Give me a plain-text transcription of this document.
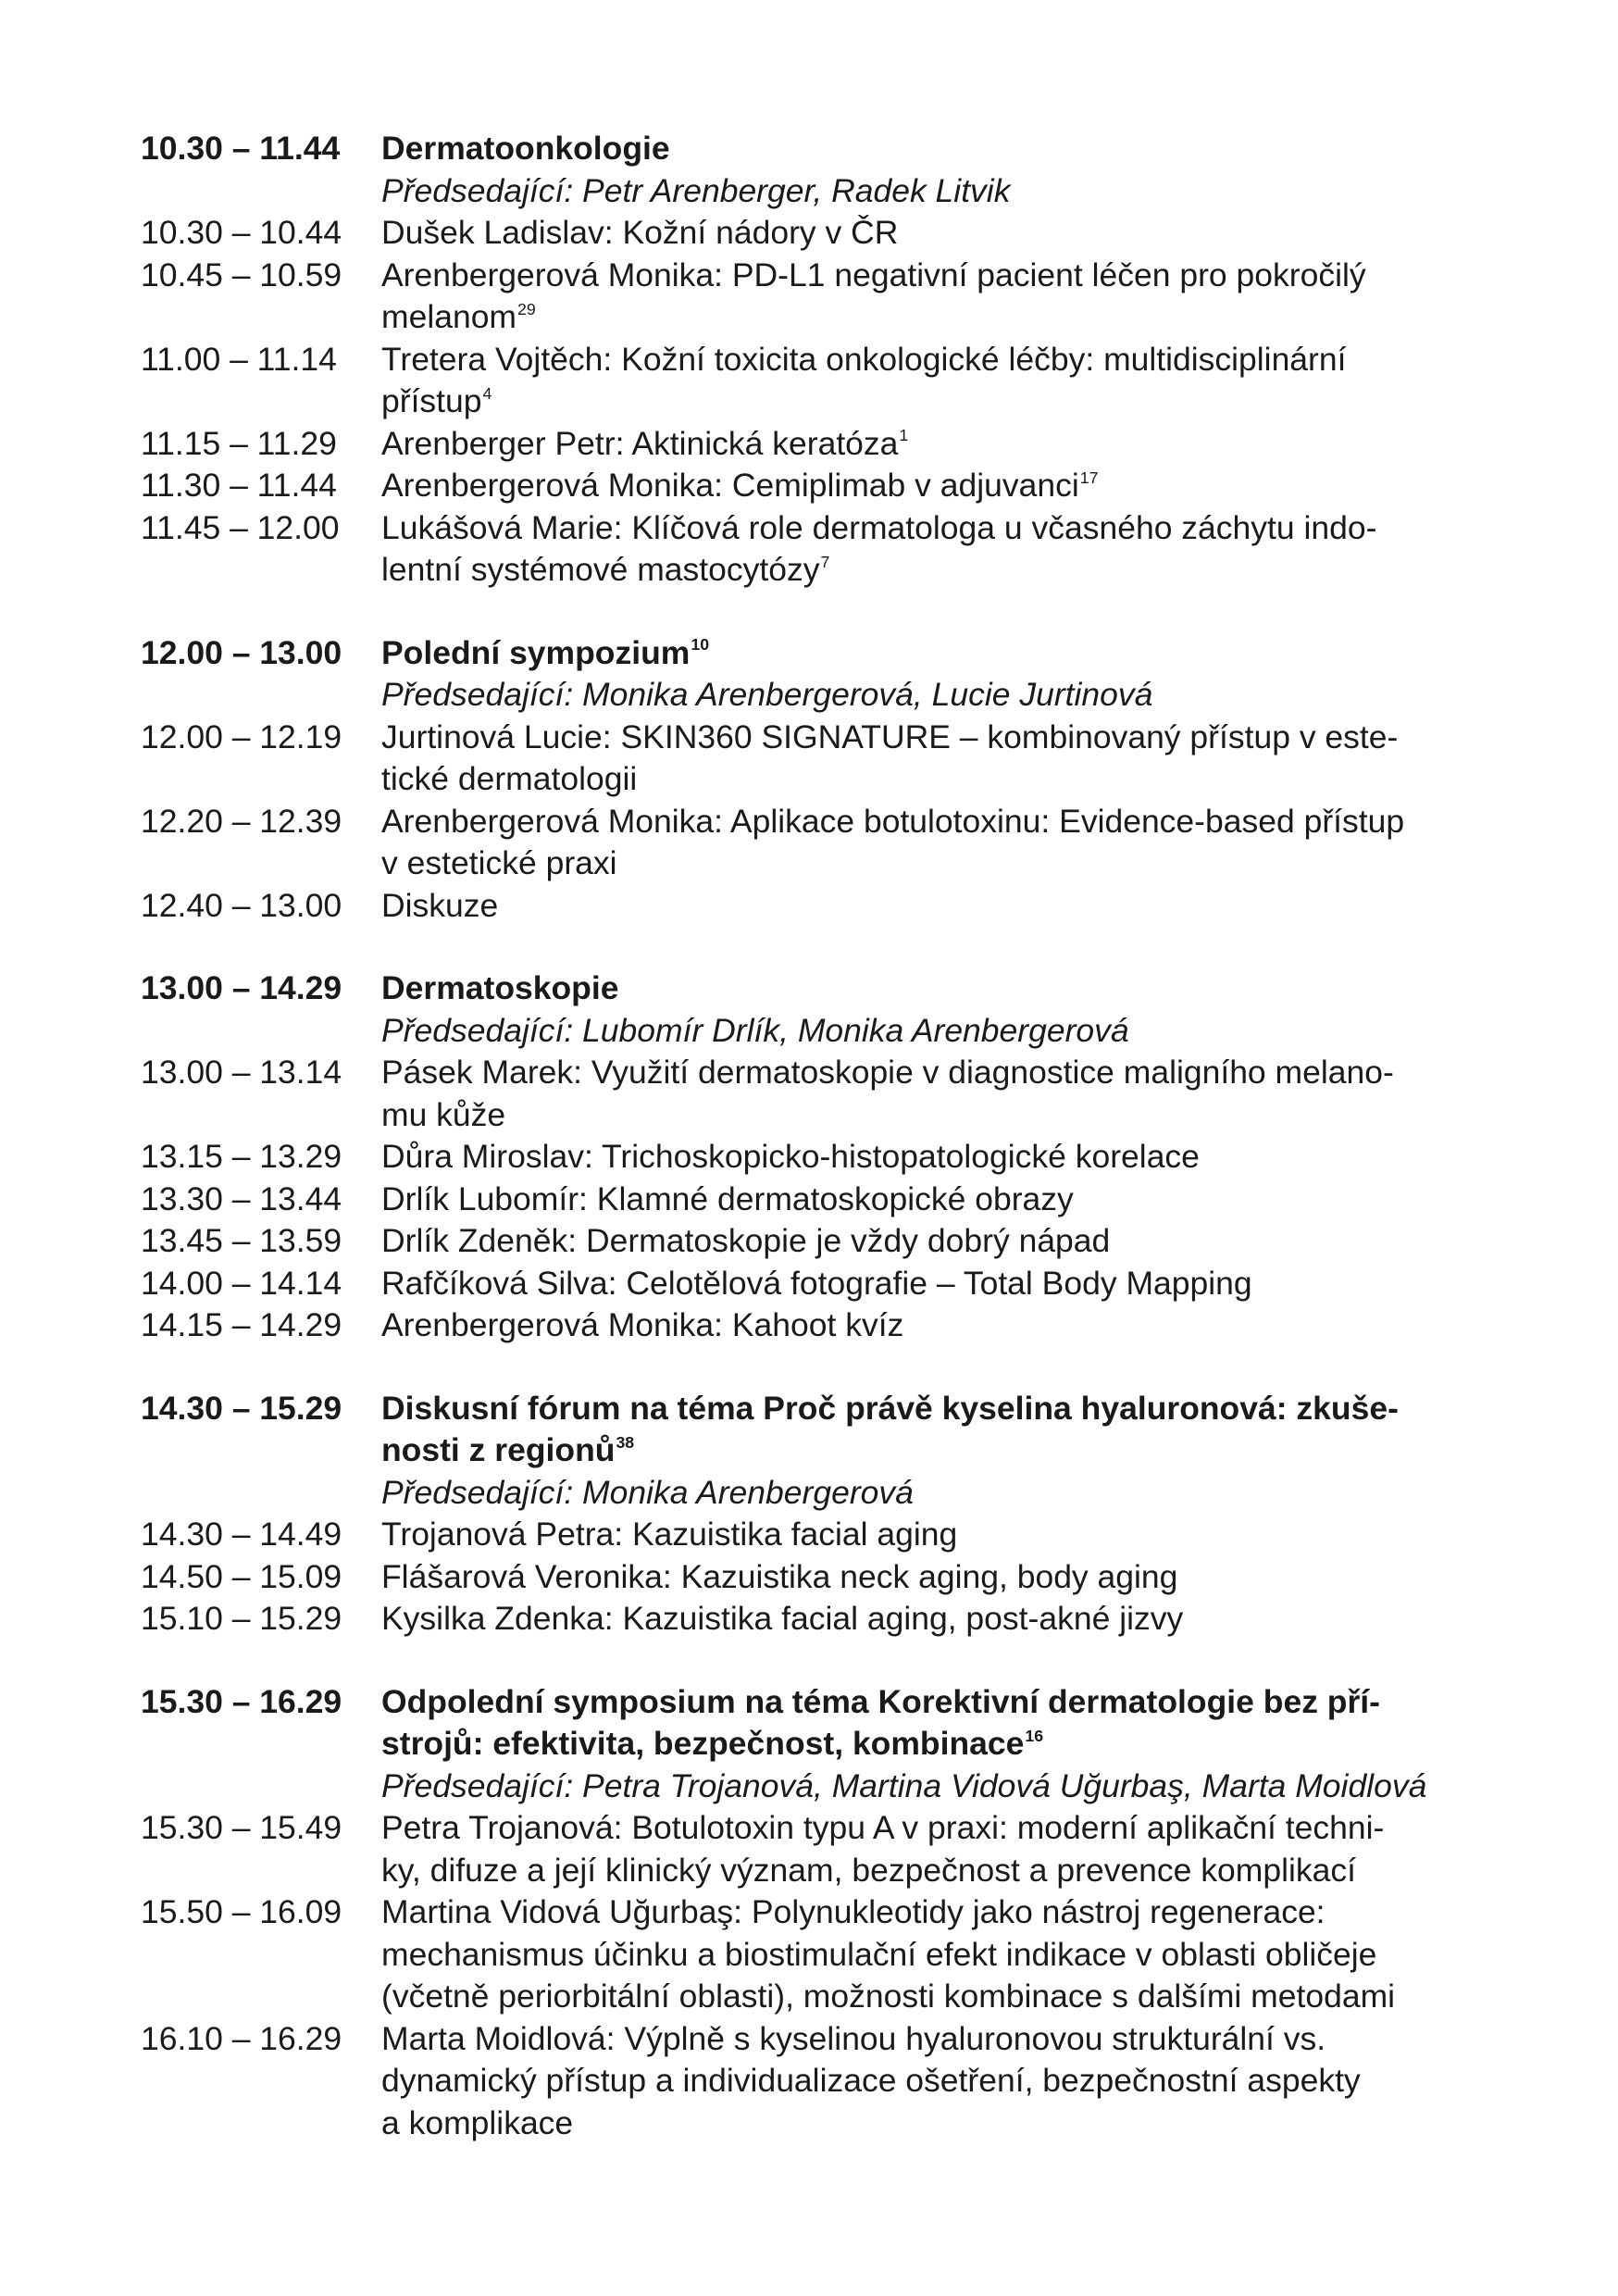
10.30 – 11.44	Dermatoonkologie
Předsedající: Petr Arenberger, Radek Litvik
10.30 – 10.44	Dušek Ladislav: Kožní nádory v ČR
10.45 – 10.59	Arenbergerová Monika: PD-L1 negativní pacient léčen pro pokročilý
melanom$^{29}$
11.00 – 11.14	Tretera Vojtěch: Kožní toxicita onkologické léčby: multidisciplinární
přístup$^4$
11.15 – 11.29	Arenberger Petr: Aktinická keratóza$^1$
11.30 – 11.44	Arenbergerová Monika: Cemiplimab v adjuvanci$^{17}$
11.45 – 12.00	Lukášová Marie: Klíčová role dermatologa u včasného záchytu indo-
lentní systémové mastocytózy$^7$
12.00 – 13.00	Polední sympozium$^{10}$
Předsedající: Monika Arenbergerová, Lucie Jurtinová
12.00 – 12.19	Jurtinová Lucie: SKIN360 SIGNATURE – kombinovaný přístup v este-
tické dermatologii
12.20 – 12.39	Arenbergerová Monika: Aplikace botulotoxinu: Evidence-based přístup
v estetické praxi
12.40 – 13.00	Diskuze
13.00 – 14.29	Dermatoskopie
Předsedající: Lubomír Drlík, Monika Arenbergerová
13.00 – 13.14	Pásek Marek: Využití dermatoskopie v diagnostice maligního melano-
mu kůže
13.15 – 13.29	Důra Miroslav: Trichoskopicko-histopatologické korelace
13.30 – 13.44	Drlík Lubomír: Klamné dermatoskopické obrazy
13.45 – 13.59	Drlík Zdeněk: Dermatoskopie je vždy dobrý nápad
14.00 – 14.14	Rafčíková Silva: Celotělová fotografie – Total Body Mapping
14.15 – 14.29	Arenbergerová Monika: Kahoot kvíz
14.30 – 15.29	Diskusní fórum na téma Proč právě kyselina hyaluronová: zkuše-
nosti z regionů$^{38}$
Předsedající: Monika Arenbergerová
14.30 – 14.49	Trojanová Petra: Kazuistika facial aging
14.50 – 15.09	Flášarová Veronika: Kazuistika neck aging, body aging
15.10 – 15.29	Kysilka Zdenka: Kazuistika facial aging, post-akné jizvy
15.30 – 16.29	Odpolední symposium na téma Korektivní dermatologie bez pří-
strojů: efektivita, bezpečnost, kombinace$^{16}$
Předsedající: Petra Trojanová, Martina Vidová Uğurbaş, Marta Moidlová
15.30 – 15.49	Petra Trojanová: Botulotoxin typu A v praxi: moderní aplikační techni-
ky, difuze a její klinický význam, bezpečnost a prevence komplikací
15.50 – 16.09	Martina Vidová Uğurbaş: Polynukleotidy jako nástroj regenerace:
mechanismus účinku a biostimulační efekt indikace v oblasti obličeje
(včetně periorbitální oblasti), možnosti kombinace s dalšími metodami
16.10 – 16.29	Marta Moidlová: Výplně s kyselinou hyaluronovou strukturální vs.
dynamický přístup a individualizace ošetření, bezpečnostní aspekty
a komplikace
